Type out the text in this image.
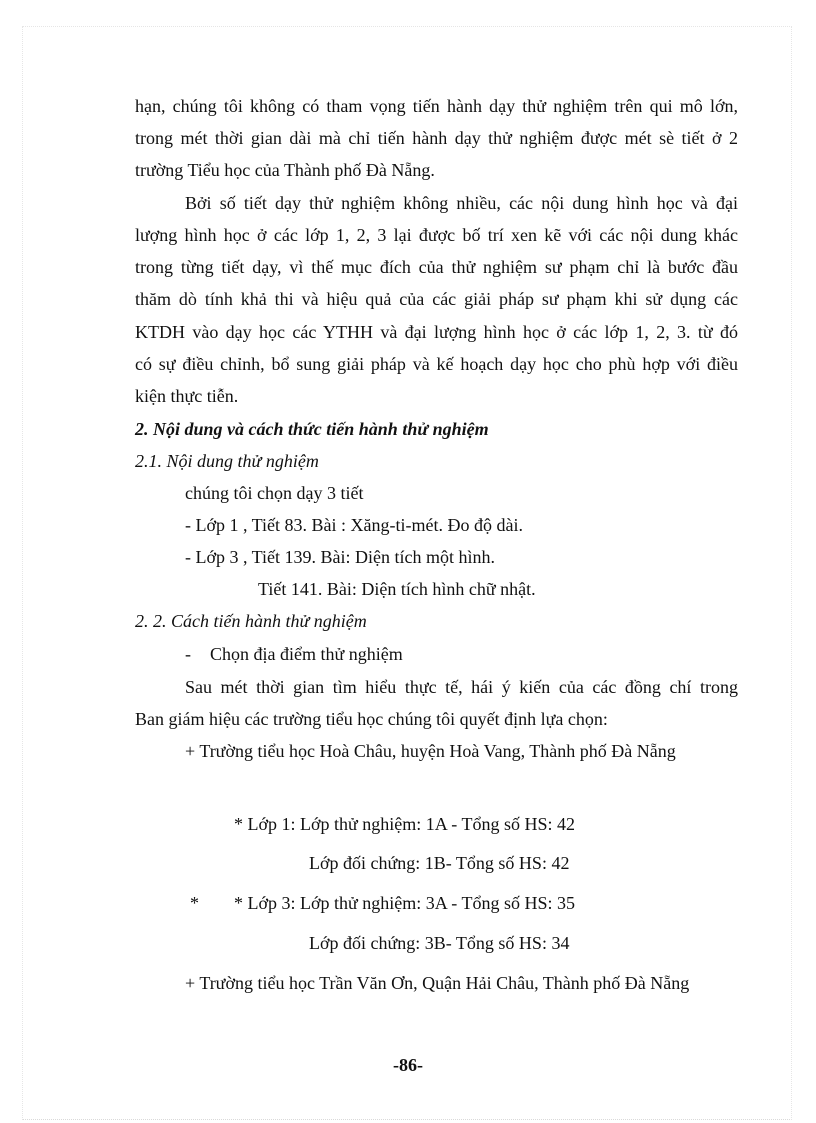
hạn, chúng tôi không có tham vọng tiến hành dạy thử nghiệm trên qui mô lớn,
trong mét thời gian dài mà chỉ tiến hành dạy thử nghiệm được mét sè tiết ở 2
trường Tiểu học của Thành phố Đà Nẵng.
Bởi số tiết dạy thử nghiệm không nhiều, các nội dung hình học và đại
lượng hình học ở các lớp 1, 2, 3 lại được bố trí xen kẽ với các nội dung khác
trong từng tiết dạy, vì thế mục đích của thử nghiệm sư phạm chỉ là bước đầu
thăm dò tính khả thi và hiệu quả của các giải pháp sư phạm khi sử dụng các
KTDH vào dạy học các YTHH và đại lượng hình học ở các lớp 1, 2, 3. từ đó
có sự điều chỉnh, bổ sung giải pháp và kế hoạch dạy học cho phù hợp với điều
kiện thực tiễn.
2. Nội dung và cách thức tiến hành thử nghiệm
2.1. Nội dung thử nghiệm
chúng tôi chọn dạy 3 tiết
- Lớp 1 , Tiết 83. Bài : Xăng-ti-mét. Đo độ dài.
- Lớp 3 , Tiết 139. Bài: Diện tích một hình.
Tiết 141. Bài: Diện tích hình chữ nhật.
2. 2. Cách tiến hành thử nghiệm
- Chọn địa điểm thử nghiệm
Sau mét thời gian tìm hiểu thực tế, hái ý kiến của các đồng chí trong
Ban giám hiệu các trường tiểu học chúng tôi quyết định lựa chọn:
+ Trường tiểu học Hoà Châu, huyện Hoà Vang, Thành phố Đà Nẵng
* Lớp 1: Lớp thử nghiệm: 1A - Tổng số HS: 42
Lớp đối chứng: 1B- Tổng số HS: 42
* * Lớp 3: Lớp thử nghiệm: 3A - Tổng số HS: 35
Lớp đối chứng: 3B- Tổng số HS: 34
+ Trường tiểu học Trần Văn Ơn, Quận Hải Châu, Thành phố Đà Nẵng
-86-
